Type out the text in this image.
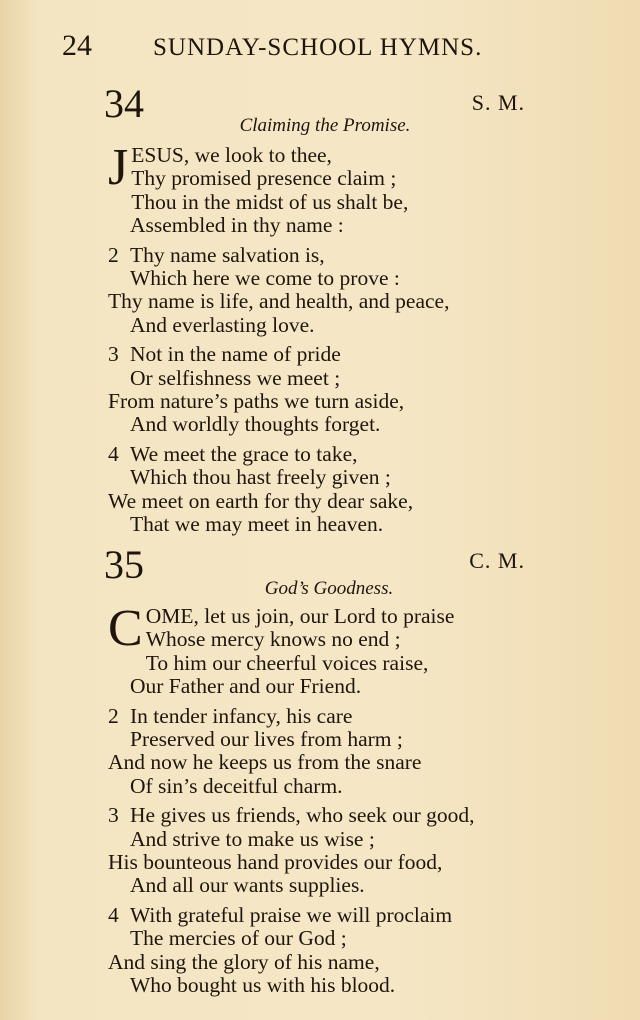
24 SUNDAY-SCHOOL HYMNS.
34	S. M.
Claiming the Promise.
J ESUS, we look to thee,
Thy promised presence claim ;
Thou in the midst of us shalt be,
Assembled in thy name :
2 Thy name salvation is,
Which here we come to prove :
Thy name is life, and health, and peace,
And everlasting love.
3 Not in the name of pride
Or selfishness we meet ;
From nature’s paths we turn aside,
And worldly thoughts forget.
4 We meet the grace to take,
Which thou hast freely given ;
We meet on earth for thy dear sake,
That we may meet in heaven.
35	C. M.
God’s Goodness.
C OME, let us join, our Lord to praise
Whose mercy knows no end ;
To him our cheerful voices raise,
Our Father and our Friend.
2 In tender infancy, his care
Preserved our lives from harm ;
And now he keeps us from the snare
Of sin’s deceitful charm.
3 He gives us friends, who seek our good,
And strive to make us wise ;
His bounteous hand provides our food,
And all our wants supplies.
4 With grateful praise we will proclaim
The mercies of our God ;
And sing the glory of his name,
Who bought us with his blood.
